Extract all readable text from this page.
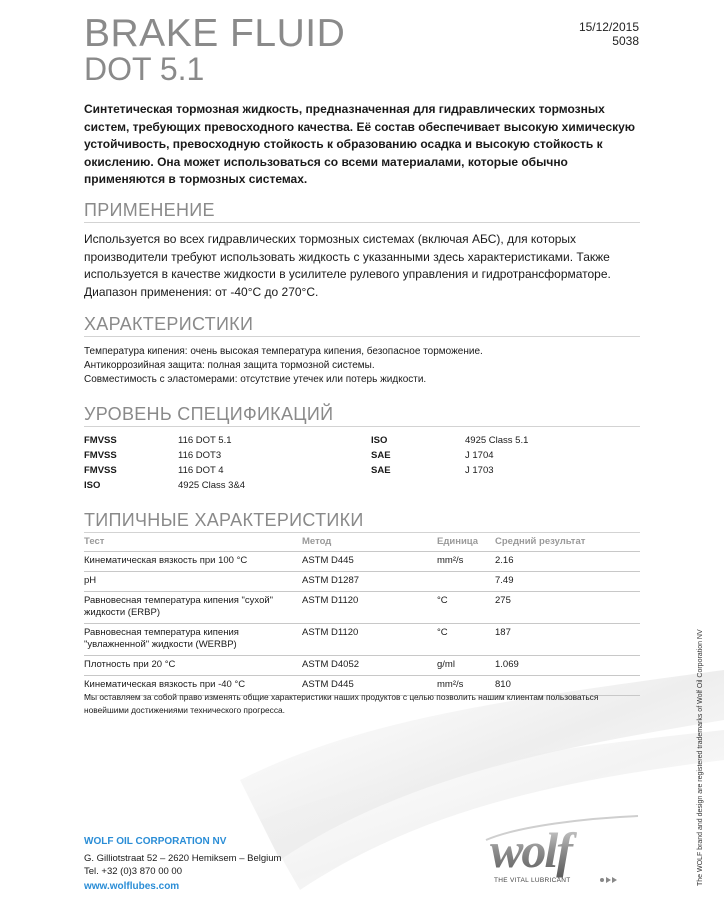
BRAKE FLUID
DOT 5.1
15/12/2015
5038
Синтетическая тормозная жидкость, предназначенная для гидравлических тормозных систем, требующих превосходного качества. Её состав обеспечивает высокую химическую устойчивость, превосходную стойкость к образованию осадка и высокую стойкость к окислению. Она может использоваться со всеми материалами, которые обычно применяются в тормозных системах.
ПРИМЕНЕНИЕ
Используется во всех гидравлических тормозных системах (включая АБС), для которых производители требуют использовать жидкость с указанными здесь характеристиками. Также используется в качестве жидкости в усилителе рулевого управления и гидротрансформаторе. Диапазон применения: от -40°С до 270°С.
ХАРАКТЕРИСТИКИ
Температура кипения: очень высокая температура кипения, безопасное торможение.
Антикоррозийная защита: полная защита тормозной системы.
Совместимость с эластомерами: отсутствие утечек или потерь жидкости.
УРОВЕНЬ СПЕЦИФИКАЦИЙ
FMVSS	116 DOT 5.1
FMVSS	116 DOT3
FMVSS	116 DOT 4
ISO	4925 Class 3&4
ISO	4925 Class 5.1
SAE	J 1704
SAE	J 1703
ТИПИЧНЫЕ ХАРАКТЕРИСТИКИ
Тест	Метод	Единица	Средний результат
Кинематическая вязкость при 100 °C	ASTM D445	mm²/s	2.16
pH	ASTM D1287		7.49
Равновесная температура кипения "сухой" жидкости (ERBP)	ASTM D1120	°C	275
Равновесная температура кипения "увлажненной" жидкости (WERBP)	ASTM D1120	°C	187
Плотность при 20 °C	ASTM D4052	g/ml	1.069
Кинематическая вязкость при -40 °C	ASTM D445	mm²/s	810
Мы оставляем за собой право изменять общие характеристики наших продуктов с целью позволить нашим клиентам пользоваться новейшими достижениями технического прогресса.
WOLF OIL CORPORATION NV
G. Gilliotstraat 52 – 2620 Hemiksem – Belgium
Tel. +32 (0)3 870 00 00
www.wolflubes.com
The WOLF brand and design are registered trademarks of Wolf Oil Corporation NV
wolf
THE VITAL LUBRICANT
